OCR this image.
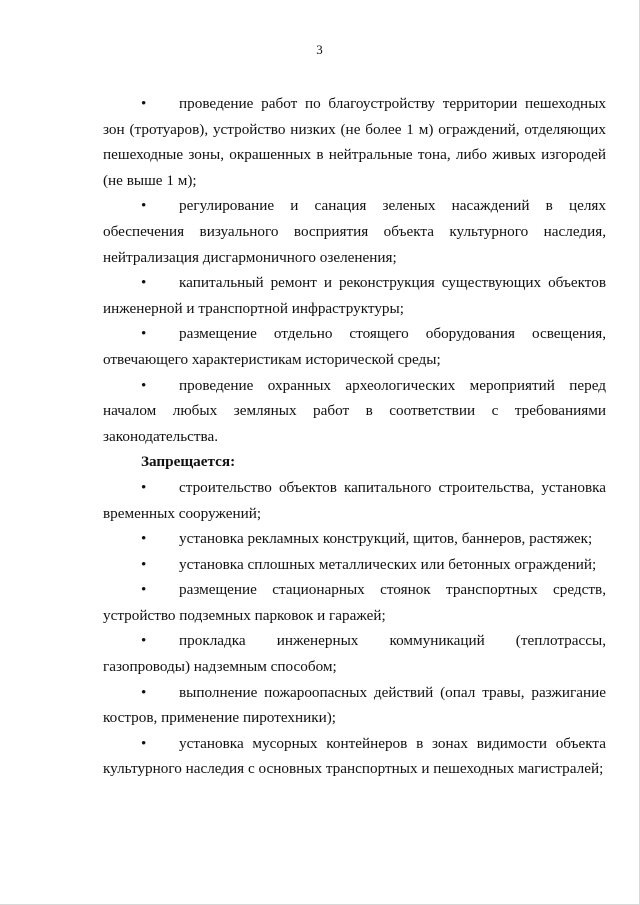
3

• проведение работ по благоустройству территории пешеходных зон (тротуаров), устройство низких (не более 1 м) ограждений, отделяющих пешеходные зоны, окрашенных в нейтральные тона, либо живых изгородей (не выше 1 м);

• регулирование и санация зеленых насаждений в целях обеспечения визуального восприятия объекта культурного наследия, нейтрализация дисгармоничного озеленения;

• капитальный ремонт и реконструкция существующих объектов инженерной и транспортной инфраструктуры;

• размещение отдельно стоящего оборудования освещения, отвечающего характеристикам исторической среды;

• проведение охранных археологических мероприятий перед началом любых земляных работ в соответствии с требованиями законодательства.

Запрещается:

• строительство объектов капитального строительства, установка временных сооружений;

• установка рекламных конструкций, щитов, баннеров, растяжек;

• установка сплошных металлических или бетонных ограждений;

• размещение стационарных стоянок транспортных средств, устройство подземных парковок и гаражей;

• прокладка инженерных коммуникаций (теплотрассы, газопроводы) надземным способом;

• выполнение пожароопасных действий (опал травы, разжигание костров, применение пиротехники);

• установка мусорных контейнеров в зонах видимости объекта культурного наследия с основных транспортных и пешеходных магистралей;
